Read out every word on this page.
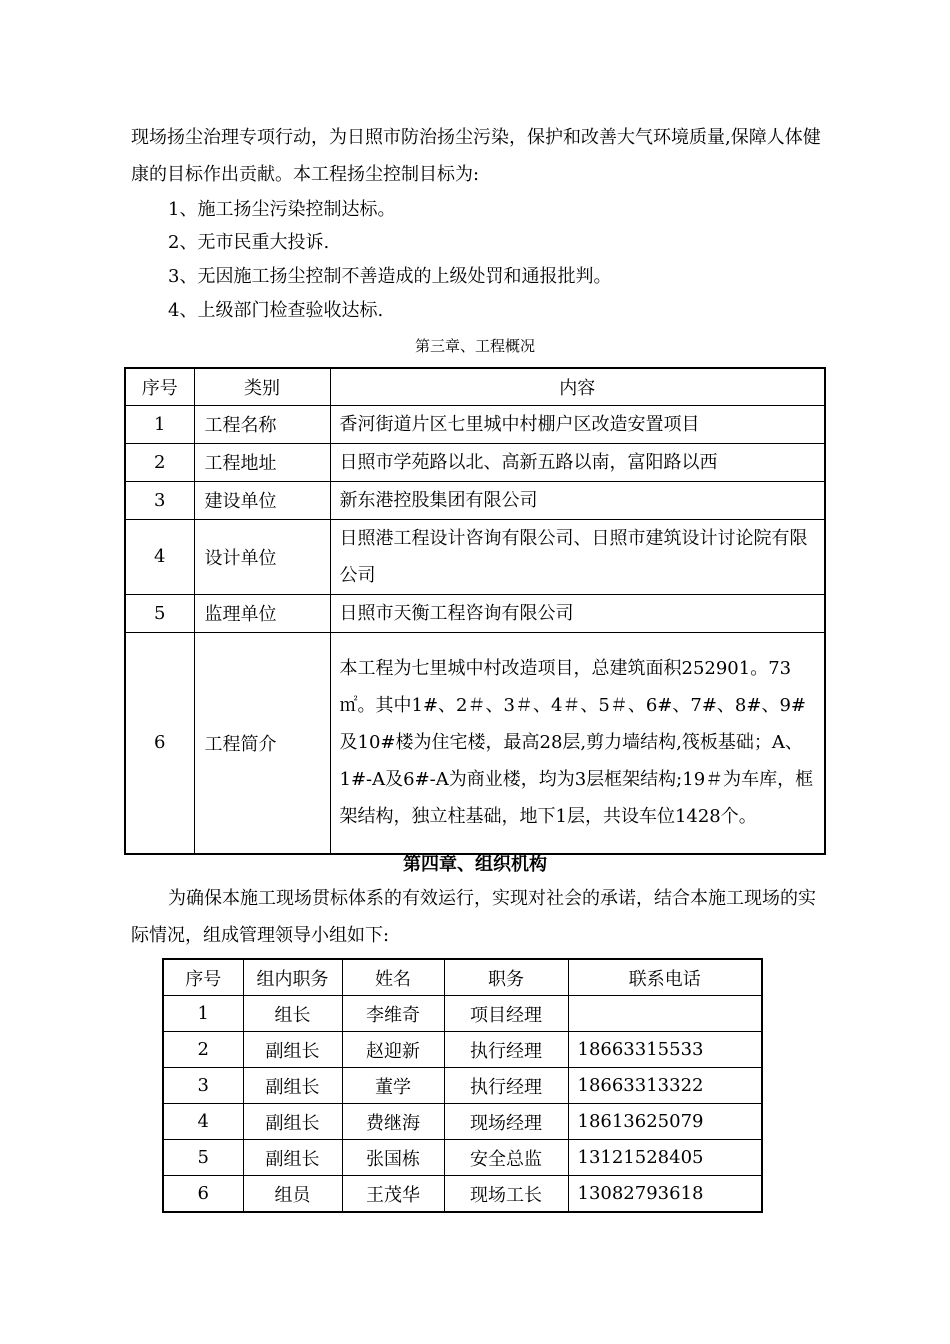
现场扬尘治理专项行动，为日照市防治扬尘污染，保护和改善大气环境质量,保障人体健康的目标作出贡献。本工程扬尘控制目标为:

1、施工扬尘污染控制达标。

2、无市民重大投诉.

3、无因施工扬尘控制不善造成的上级处罚和通报批判。

4、上级部门检查验收达标.

第三章、工程概况
序号	类别	内容
1	工程名称	香河街道片区七里城中村棚户区改造安置项目
2	工程地址	日照市学苑路以北、高新五路以南，富阳路以西
3	建设单位	新东港控股集团有限公司
4	设计单位	日照港工程设计咨询有限公司、日照市建筑设计讨论院有限公司
5	监理单位	日照市天衡工程咨询有限公司
6	工程简介	本工程为七里城中村改造项目，总建筑面积252901。73㎡。其中1#、2＃、3＃、4＃、5＃、6#、7#、8#、9#及10#楼为住宅楼，最高28层,剪力墙结构,筏板基础；A、1#-A及6#-A为商业楼，均为3层框架结构;19＃为车库，框架结构，独立柱基础，地下1层，共设车位1428个。

第四章、组织机构

为确保本施工现场贯标体系的有效运行，实现对社会的承诺，结合本施工现场的实际情况，组成管理领导小组如下:

序号	组内职务	姓名	职务	联系电话
1	组长	李维奇	项目经理	
2	副组长	赵迎新	执行经理	18663315533
3	副组长	董学	执行经理	18663313322
4	副组长	费继海	现场经理	18613625079
5	副组长	张国栋	安全总监	13121528405
6	组员	王茂华	现场工长	13082793618
